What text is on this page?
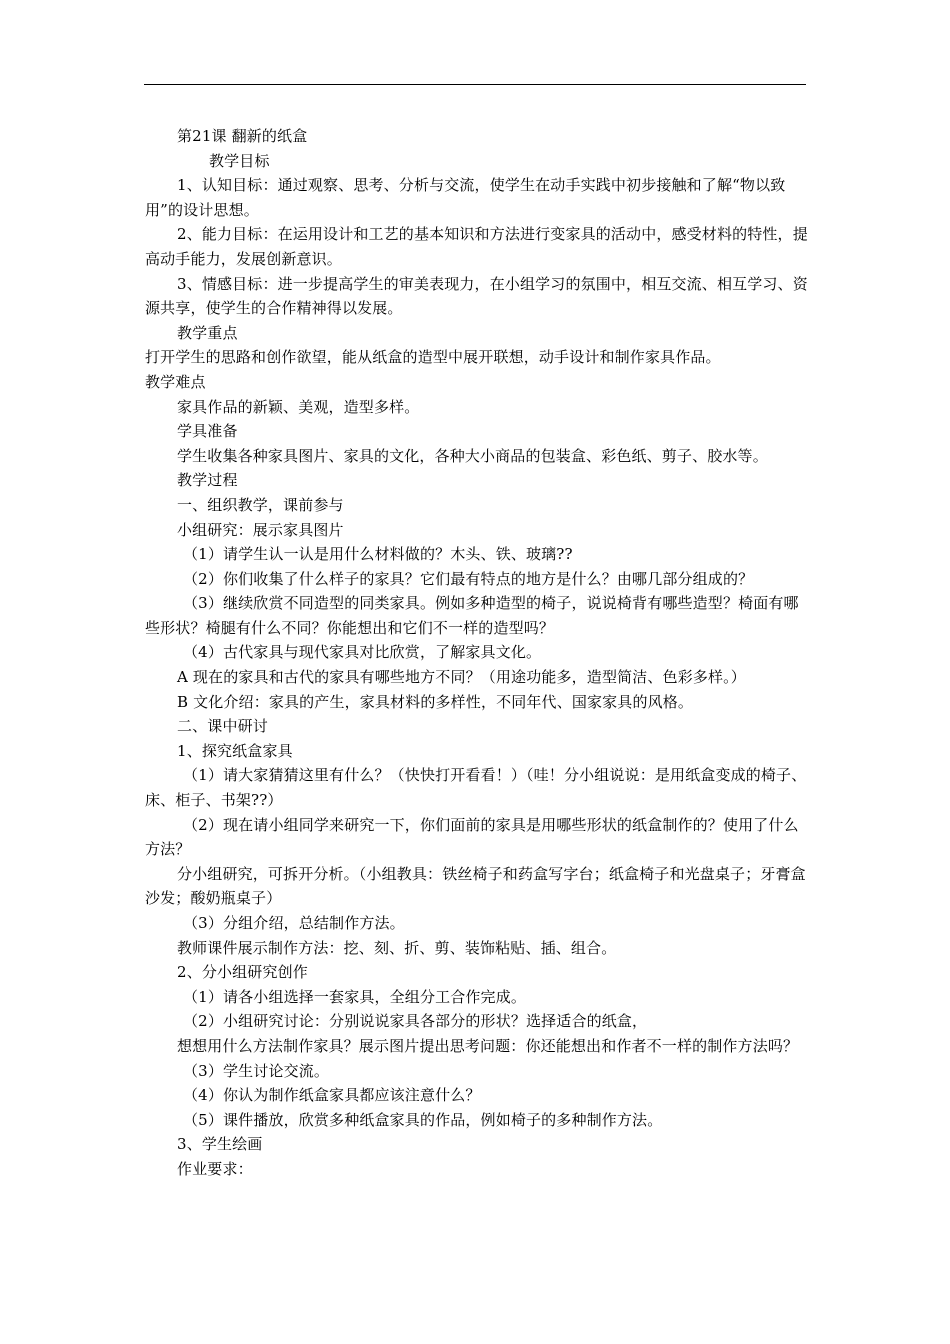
第21课 翻新的纸盒

教学目标

1、认知目标：通过观察、思考、分析与交流，使学生在动手实践中初步接触和了解“物以致用”的设计思想。

2、能力目标：在运用设计和工艺的基本知识和方法进行变家具的活动中，感受材料的特性，提高动手能力，发展创新意识。

3、情感目标：进一步提高学生的审美表现力，在小组学习的氛围中，相互交流、相互学习、资源共享，使学生的合作精神得以发展。

教学重点

打开学生的思路和创作欲望，能从纸盒的造型中展开联想，动手设计和制作家具作品。

教学难点

家具作品的新颖、美观，造型多样。

学具准备

学生收集各种家具图片、家具的文化，各种大小商品的包装盒、彩色纸、剪子、胶水等。

教学过程

一、组织教学，课前参与

小组研究：展示家具图片

（1）请学生认一认是用什么材料做的？木头、铁、玻璃??

（2）你们收集了什么样子的家具？它们最有特点的地方是什么？由哪几部分组成的？

（3）继续欣赏不同造型的同类家具。例如多种造型的椅子，说说椅背有哪些造型？椅面有哪些形状？椅腿有什么不同？你能想出和它们不一样的造型吗？

（4）古代家具与现代家具对比欣赏，了解家具文化。

A 现在的家具和古代的家具有哪些地方不同？（用途功能多，造型简洁、色彩多样。）

B 文化介绍：家具的产生，家具材料的多样性，不同年代、国家家具的风格。

二、课中研讨

1、探究纸盒家具

（1）请大家猜猜这里有什么？（快快打开看看！）（哇！分小组说说：是用纸盒变成的椅子、床、柜子、书架??）

（2）现在请小组同学来研究一下，你们面前的家具是用哪些形状的纸盒制作的？使用了什么方法？

分小组研究，可拆开分析。（小组教具：铁丝椅子和药盒写字台；纸盒椅子和光盘桌子；牙膏盒沙发；酸奶瓶桌子）

（3）分组介绍，总结制作方法。

教师课件展示制作方法：挖、刻、折、剪、装饰粘贴、插、组合。

2、分小组研究创作

（1）请各小组选择一套家具，全组分工合作完成。

（2）小组研究讨论：分别说说家具各部分的形状？选择适合的纸盒，

想想用什么方法制作家具？展示图片提出思考问题：你还能想出和作者不一样的制作方法吗？

（3）学生讨论交流。

（4）你认为制作纸盒家具都应该注意什么？

（5）课件播放，欣赏多种纸盒家具的作品，例如椅子的多种制作方法。

3、学生绘画

作业要求：
